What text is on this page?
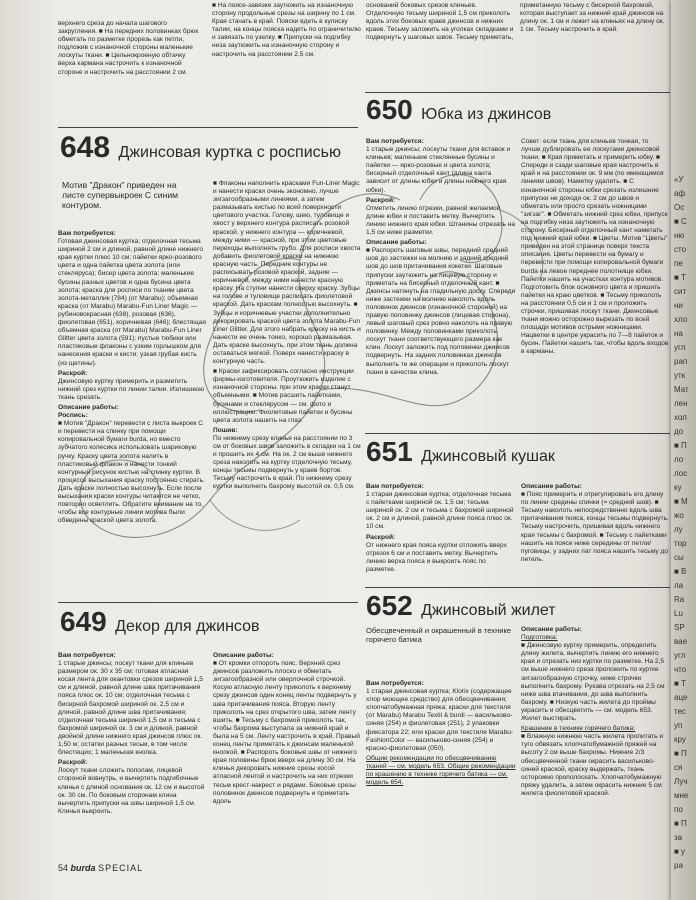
верхнего среза до начала шагового закругления. ■ На передних половинках брюк обметать по разметке прорезь как петли, подложив с изнаночной стороны маленькие лоскуты ткани. ■ Цельнокроеную обтачку верха кармана настрочить к изнаночной стороне и настрочить на расстоянии 2 см.
■ На поясе-завязке заутюжить на изнаночную сторону продольные срезы на ширину по 1 см. Края стачать в край. Пояски вдеть в кулиску талии, на концы пояска надеть по ограничителю и завязать по узелку. ■ Припуски на подгибку низа заутюжить на изнаночную сторону и настрочить на расстоянии 2,5 см.
оснований боковых срезов клиньев. Отделочную тесьму шириной 1,5 см приколоть вдоль этих боковых краев джинсов и нижних краев. Тесьму заложить на уголках складками и подвернуть у шаговых швов. Тесьму приметать,
приметанную тесьму с бисерной бахромой, которая выступает за нижний край джинсов на длину ок. 1 см и лежит на клиньях на длину ок. 1 см. Тесьму настрочить в край.
648 Джинсовая куртка с росписью
Мотив "Дракон" приведен на листе супервыкроек С синим контуром.
Вам потребуется:

Готовая джинсовая куртка; отделочная тесьма шириной 2 см и длиной, равной длине нижнего края куртки плюс 10 см; пайетки ярко-розового цвета и одна пайетка цвета золота (или стекляруса); бисер цвета золота; маленькие бусины разных цветов и одна бусина цвета золота; краска для росписи по тканям цвета золота-металлик (784) (от Marabu); объемная краска (от Marabu) Marabu-Fun Liner Magic — рубиновокрасная (638), розовая (636), фиолетовая (651), коричневая (646); блестящая объемная краска (от Marabu) Marabu-Fun Liner Glitter цвета золота (591); пустые тюбики или пластиковые флаконы с узким горлышком для нанесения краски и кисти; узкая грубая кисть (из щетины).

Раскрой:

Джинсовую куртку примерить и разметить нижний срез куртки по линии талии. Излишнюю ткань срезать.

Описание работы:
Роспись:

■ Мотив "Дракон" перевести с листа выкроек С и перевести на спинку при помощи копировальной бумаги burda, но вместо зубчатого колесика использовать шариковую ручку. Краску цвета золота налить в пластиковый флакон и нанести тонкий контурный рисунок кистью на спинку куртки. В процессе высыхания краску постоянно стирать. Дать краске полностью высохнуть. Если после высыхания краски контуры читаются не четко, повторно осветлить. Обратите внимание на то, чтобы все контурные линии мотива были обведены краской цвета золота.

■ Флаконы наполнить красками Fun-Liner Magic и нанести краски очень экономно, лучше зигзагообразными линиями, а затем размазывать кистью по всей поверхности цветового участка. Голову, шею, туловище и хвост у верхнего контура расписать розовой краской, у нижнего контура — коричневой, между ними — красной, при этом цветовые переходы выполнять грубо. Для росписи хвоста добавить фиолетовой краски на нижнюю красную часть. Передние контуры не расписывать розовой краской, задние — коричневой, между ними нанести красную краску. На ступни нанести сверху краску. Зубцы на голове и туловище расписать фиолетовой краской. Дать краскам полностью высохнуть. ■ Зубцы и коричневые участки дополнительно декорировать краской цвета золота Marabu-Fun Liner Glitter. Для этого набрать краску на кисть и нанести ее очень тонко, хорошо размазывая. Дать краске высохнуть, при этом ткань должна оставаться мягкой. Поверх нанести краску в контурную часть.

■ Краски зафиксировать согласно инструкции фирмы-изготовителя. Проутюжить изделие с изнаночной стороны, при этом краски станут объемными. ■ Мотив расшить пайетками, бусинами и стеклярусом — см. фото и иллюстрацию. Фиолетовые пайетки и бусины цвета золота нашить на глаз.

Пошив:

По нижнему срезу клинья на расстоянии по 3 см от боковых швов заложить в складки на 1 см и прошить их 4 см. На ок. 2 см выше нижнего среза наколоть на куртку отделочную тесьму, концы тесьмы подвернуть у краев бортов. Тесьму настрочить в край. По нижнему срезу куртки выполнить бахрому высотой ок. 0,5 см.

650 Юбка из джинсов
Вам потребуется:

1 старые джинсы; лоскуты ткани для вставок и клиньев; маленькие стеклянные бусины и пайетки — ярко-розовые и цвета золота; бисерный отделочный кант (длина канта зависит от длины юбки и длины нижнего края юбки).

Раскрой:

Отметить линию отрезки, равной желаемой длине юбки и поставить метку. Вычертить линию нижнего края юбки. Штанины отрезать на 1,5 см ниже разметки.

Описание работы:

■ Распороть шаговые швы, передний средний шов до застежки на молнию и задний средний шов до шов притачивания кокетки. Шаговые припуски заутюжить на лицевую сторону и приметать на бисерный отделочный кант. ■ Джинсы натянуть на гладильную доску. Спереди ниже застежки на молнию наколоть вдоль половинок джинсов (изнаночной стороной) на правую половинку джинсов (лицевая сторона), левый шаговый срез ровно наколоть на правую половинку. Между половинками приколоть лоскут ткани соответствующего размера как клин. Лоскут заложить под половинки джинсов подвернуть. На задних половинках джинсов выполнить те же операции и приколоть лоскут ткани в качестве клина.

Совет: если ткань для клиньев тонкая, то лучше дублировать ее лоскутами джинсовой ткани. ■ Края приметать и примерить юбку. ■ Спереди и сзади шаговые края настрочить в край и на расстоянии ок. 9 мм (по имеющимся линиям швов). Наметку удалить. ■ С изнаночной стороны юбки срезать излишние припуски не доходя ок. 2 см до швов и обметать или просто срезать ножницами "зигзаг". ■ Обметать нижний срез юбки, припуск на подгибку низа заутюжить на изнаночную сторону. Бисерный отделочный кант наметать под нижний край юбки. ■ Цветы. Мотив "Цветы" приведен на этой странице поверх текста описания. Цветы перевести на бумагу и перевести при помощи копировальной бумаги burda на левое переднее полотнище юбки. Пайетки нашить на участках контура мотивов. Подготовить блок основного цвета и пришить пайетки на краю цветков. ■ Тесьму приколоть на расстоянии 0,5 см и 1 см и проложить строчки, пришивая лоскут ткани. Джинсовые ткани можно осторожно вырезать по всей площади мотивов острыми ножницами. Нацветки в центре украсить по 7—8 пайеток и бусин. Пайетки нашить так, чтобы вдоль входов в карманы.

651 Джинсовый кушак
Вам потребуется:

1 старая джинсовая куртка; отделочная тесьма с пайетками шириной ок. 1,5 см; тесьма шириной ок. 2 см и тесьма с бахромой шириной ок. 2 см и длиной, равной длине пояса плюс ок. 10 см.

Раскрой:

От нижнего края пояса куртки отложить вверх отрезок 6 см и поставить метку. Вычертить линию верха пояса и выкроить пояс по разметке.

Описание работы:

■ Пояс примерить и отрегулировать его длину по линии средины спинки (= средний шов). ■ Тесьму наколоть непосредственно вдоль шва притачивания пояса, концы тесьмы подвернуть. Тесьму настрочить, пришивая вдоль нижнего края тесьмы с бахромой. ■ Тесьму с пайетками нашить на поясе ниже середины от петли/пуговицы, у задних пат пояса нашить тесьму до петель.

649 Декор для джинсов
Вам потребуется:

1 старые джинсы; лоскут ткани для клиньев размером ок. 30 х 35 см; готовая атласная косая лента для окантовки срезов шириной 1,5 см и длиной, равной длине шва притачивания пояса плюс ок. 10 см; отделочная тесьма с бисерной бахромой шириной ок. 2,5 см и длиной, равной длине шва притачивания; отделочная тесьма шириной 1,5 см и тесьма с бахромой шириной ок. 3 см и длиной, равной двойной длине нижнего края джинсов плюс ок. 1,50 м; остатки разных тесьм, в том числе блестящих; 1 маленькая кнопка.

Раскрой:

Лоскут ткани сложить пополам, лицевой стороной вовнутрь, и вычертить подгибочные клинья с длиной основания ок. 12 см и высотой ок. 30 см. По боковым сторонам клина вычертить припуски на швы шириной 1,5 см. Клинья выкроить.

Описание работы:

■ От кромки отпороть пояс. Верхний срез джинсов разложить плоско и обметать зигзагообразной или оверлочной строчкой. Косую атласную ленту приколоть к верхнему срезу джинсов один конец ленты подвернуть у шва притачивания пояса. Вторую ленту приколоть на срез открытого шва, затем ленту вшить. ■ Тесьму с бахромой приколоть так, чтобы бахрома выступала за нижний край и была на 5 см. Ленту настрочить в край. Правый конец ленты приметать к джинсам маленькой кнопкой. ■ Распороть боковые швы от нижнего края половины брюк вверх на длину 30 см. На клинья декоровать нижние срезы косой атласной лентой и настрочить на них отрезки тесьм крест-накрест и рядами. Боковые срезы половинок джинсов подвернуть и приметать вдоль

652 Джинсовый жилет
Обесцвеченный и окрашенный в технике горячего батика
Вам потребуется:

1 старая джинсовая куртка; Klorix (содержащее хлор моющее средство) для обесцвечивания; хлопчатобумажная пряжа; краски для текстиля (от Marabu) Marabu Textil & burdi — васильково-синяя (254) и фиолетовая (251), 2 упаковки фиксатора 22; или краски для текстиля Marabu-FashionColor — васильково-синяя (254) и красно-фиолетовая (050).

Общие рекомендации по обесцвечиванию тканей — см. модель 653. Общие рекомендации по крашению в технике горячего батика — см. модель 654.

Описание работы:
Подготовка:

■ Джинсовую куртку примерить, определить длину жилета, вычертить линию его нижнего края и отрезать низ куртки по разметке. На 2,5 см выше нижнего среза проложить по куртке зигзагообразную строчку, ниже строчки выполнить бахрому. Рукава отрезать на 2,5 см ниже шва втачивания, до шва выполнить бахрому. ■ Низкую часть жилета до проймы украсить и обесцветить — см. модель 653. Жилет выстирать.

Крашение в технике горячего батика:

■ Влажную нижнюю часть жилета пропитать и туго обвязать хлопчатобумажной пряжей на высоту 2 см выше бахромы. Нижние 2/3 обесцвеченной ткани окрасить васильково-синей краской, краску выдержать, ткань осторожно прополоскать. Хлопчатобумажную пряжу удалить, а затем окрасить нижние 5 см жилета фиолетовой краской.

54 burda SPECIAL
«У
аф
Oc
■ С
ню
сто
пе
■ Т
сит
ни
хло
на
угл
рап
утк
Мат
лен
хол
до
■ П
ло
лос
ку
■ М
жо
лу
тор
сы
■ В
ла
Ra
Lu
SP
вае
угл
что
■ Т
аце
тес
уп
кру
■ П
ся
Луч
мне
по
■ П
за
■ у
ра
